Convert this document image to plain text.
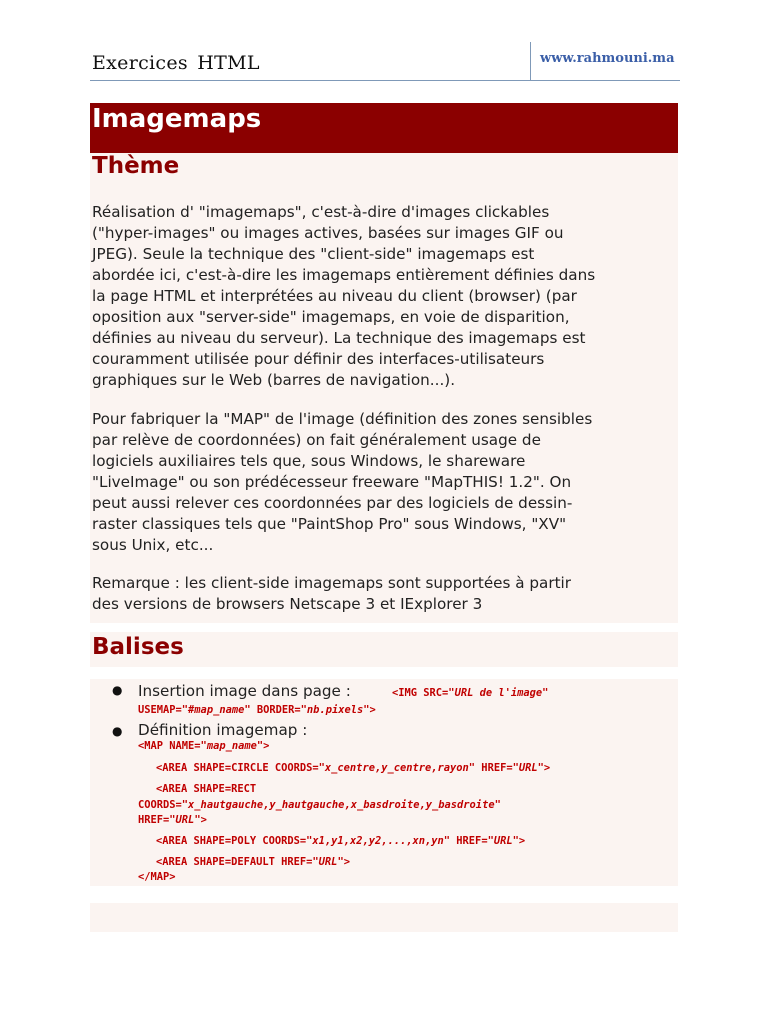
Exercices HTML	www.rahmouni.ma
Imagemaps
Thème
Réalisation d' "imagemaps", c'est-à-dire d'images clickables
("hyper-images" ou images actives, basées sur images GIF ou
JPEG). Seule la technique des "client-side" imagemaps est
abordée ici, c'est-à-dire les imagemaps entièrement définies dans
la page HTML et interprétées au niveau du client (browser) (par
oposition aux "server-side" imagemaps, en voie de disparition,
définies au niveau du serveur). La technique des imagemaps est
couramment utilisée pour définir des interfaces-utilisateurs
graphiques sur le Web (barres de navigation...).
Pour fabriquer la "MAP" de l'image (définition des zones sensibles
par relève de coordonnées) on fait généralement usage de
logiciels auxiliaires tels que, sous Windows, le shareware
"LiveImage" ou son prédécesseur freeware "MapTHIS! 1.2". On
peut aussi relever ces coordonnées par des logiciels de dessin-
raster classiques tels que "PaintShop Pro" sous Windows, "XV"
sous Unix, etc...
Remarque : les client-side imagemaps sont supportées à partir
des versions de browsers Netscape 3 et IExplorer 3
Balises
● Insertion image dans page :	<IMG SRC="URL de l'image"
USEMAP="#map_name" BORDER="nb.pixels">
● Définition imagemap :
<MAP NAME="map_name">
<AREA SHAPE=CIRCLE COORDS="x_centre,y_centre,rayon" HREF="URL">
<AREA SHAPE=RECT
COORDS="x_hautgauche,y_hautgauche,x_basdroite,y_basdroite"
HREF="URL">
<AREA SHAPE=POLY COORDS="x1,y1,x2,y2,...,xn,yn" HREF="URL">
<AREA SHAPE=DEFAULT HREF="URL">
</MAP>
